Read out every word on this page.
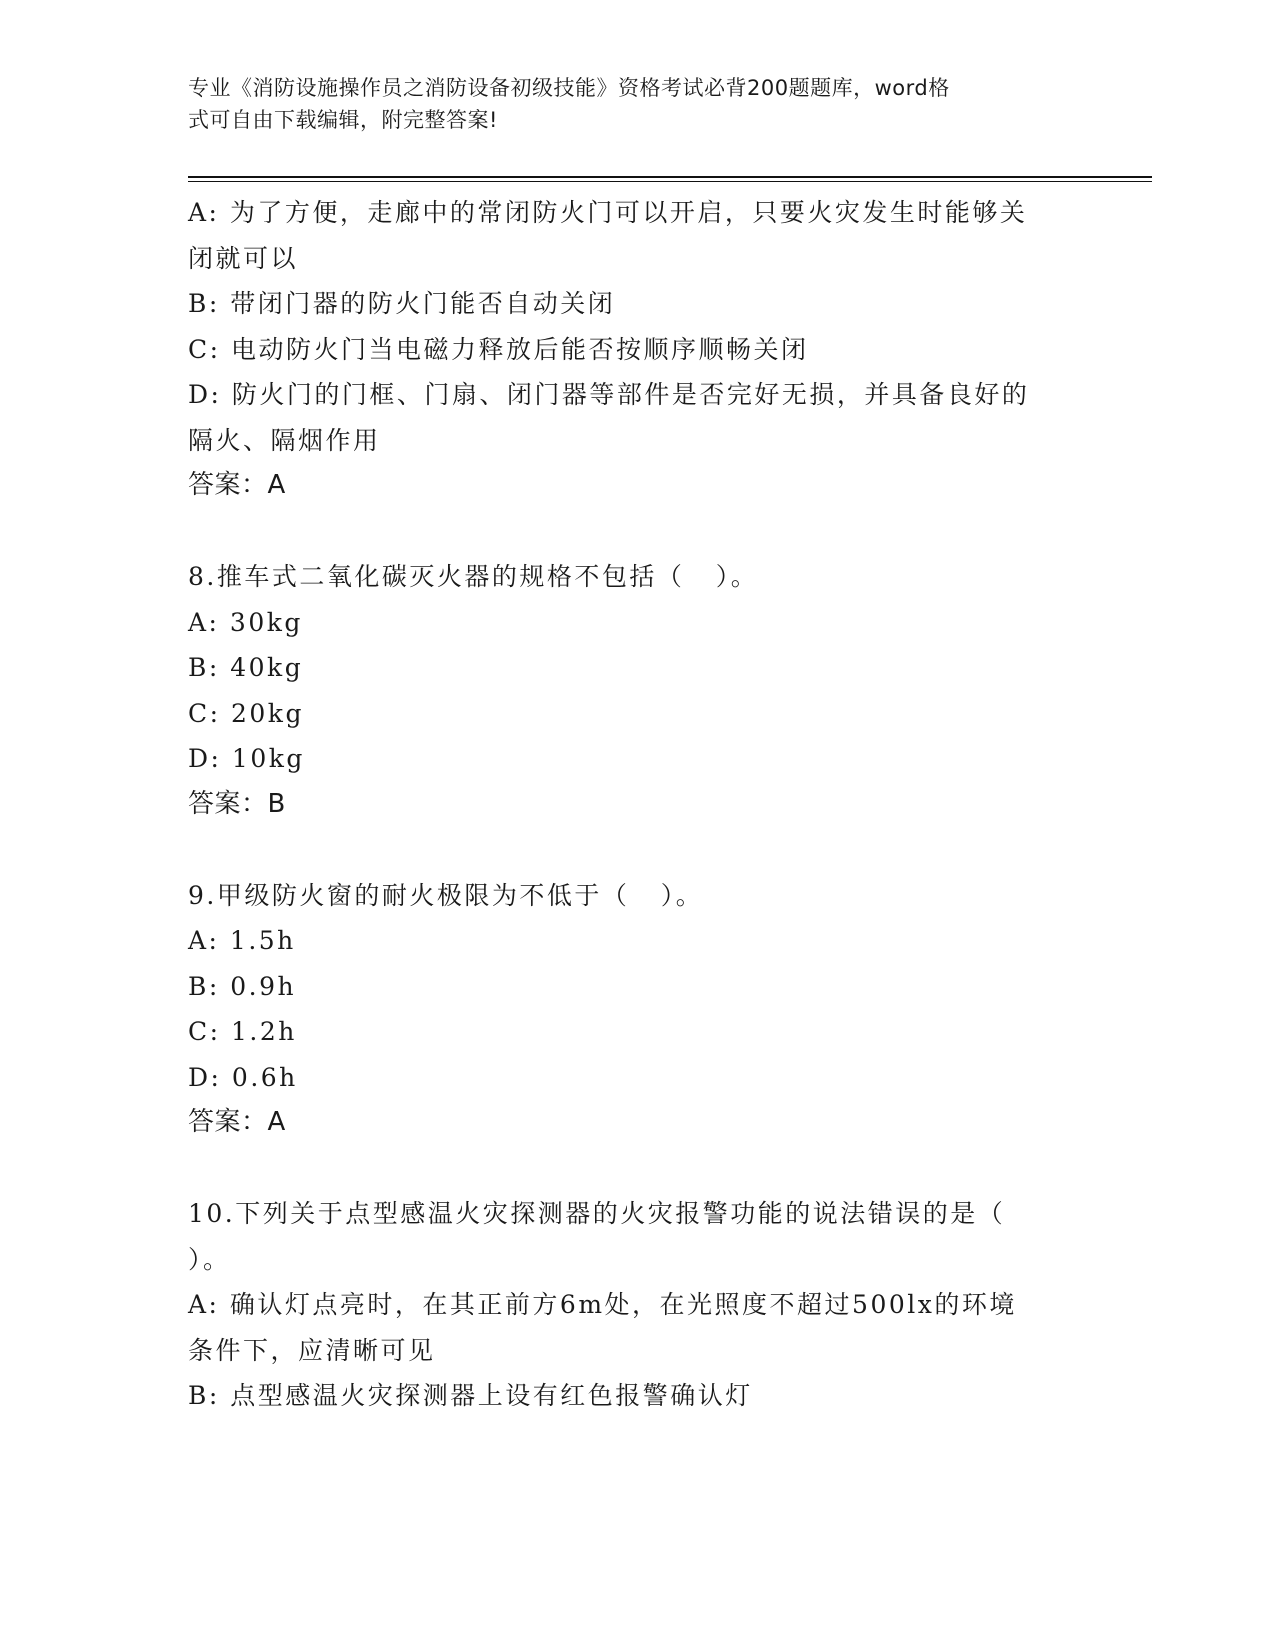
专业《消防设施操作员之消防设备初级技能》资格考试必背200题题库，word格
式可自由下载编辑，附完整答案!
A: 为了方便，走廊中的常闭防火门可以开启，只要火灾发生时能够关
闭就可以
B: 带闭门器的防火门能否自动关闭
C: 电动防火门当电磁力释放后能否按顺序顺畅关闭
D: 防火门的门框、门扇、闭门器等部件是否完好无损，并具备良好的
隔火、隔烟作用
答案：A
8.推车式二氧化碳灭火器的规格不包括（   ）。
A: 30kg
B: 40kg
C: 20kg
D: 10kg
答案：B
9.甲级防火窗的耐火极限为不低于（   ）。
A: 1.5h
B: 0.9h
C: 1.2h
D: 0.6h
答案：A
10.下列关于点型感温火灾探测器的火灾报警功能的说法错误的是（
）。
A: 确认灯点亮时，在其正前方6m处，在光照度不超过500lx的环境
条件下，应清晰可见
B: 点型感温火灾探测器上设有红色报警确认灯
